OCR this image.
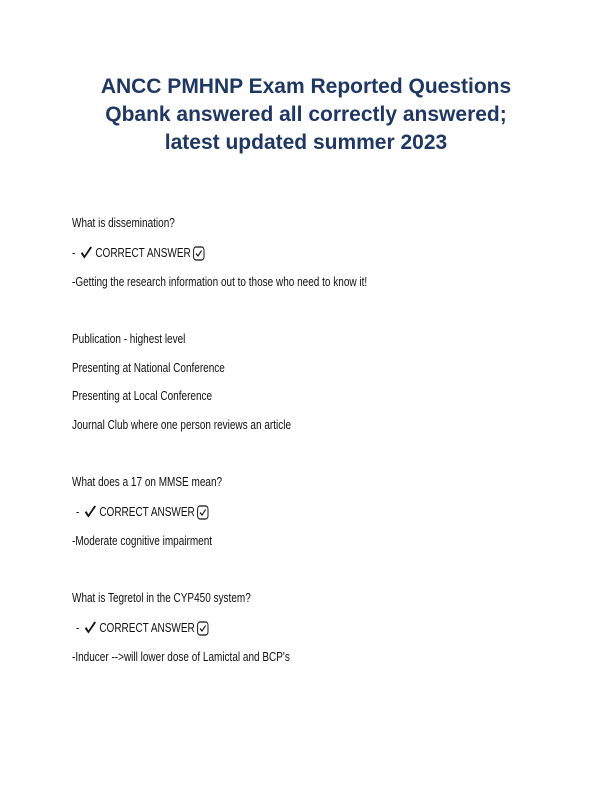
ANCC PMHNP Exam Reported Questions
Qbank answered all correctly answered;
latest updated summer 2023
What is dissemination?
- CORRECT ANSWER
-Getting the research information out to those who need to know it!
Publication - highest level
Presenting at National Conference
Presenting at Local Conference
Journal Club where one person reviews an article
What does a 17 on MMSE mean?
- CORRECT ANSWER
-Moderate cognitive impairment
What is Tegretol in the CYP450 system?
- CORRECT ANSWER
-Inducer -->will lower dose of Lamictal and BCP's
